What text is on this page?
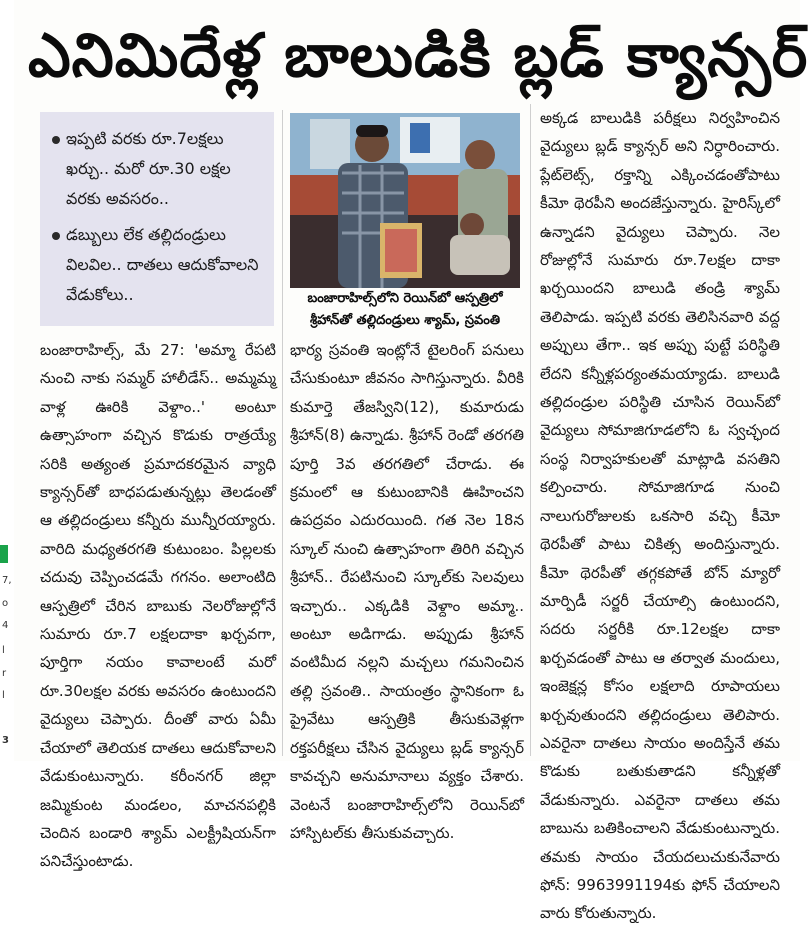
7,
o
4
l
r
l
3
ఎనిమిదేళ్ల బాలుడికి బ్లడ్ క్యాన్సర్
ఇప్పటి వరకు రూ.7లక్షలు ఖర్చు.. మరో రూ.30 లక్షల వరకు అవసరం..
డబ్బులు లేక తల్లిదండ్రులు విలవిల.. దాతలు ఆదుకోవాలని వేడుకోలు..	బంజారాహిల్స్‌లోని రెయిన్‌బో ఆస్పత్రిలో శ్రీహాన్‌తో తల్లిదండ్రులు శ్యామ్, స్రవంతి

బంజారాహిల్స్, మే 27: 'అమ్మా రేపటి నుంచి నాకు సమ్మర్ హాలీడేస్.. అమ్మమ్మ వాళ్ల ఊరికి వెళ్దాం..' అంటూ ఉత్సాహంగా వచ్చిన కొడుకు రాత్రయ్యే సరికి అత్యంత ప్రమాదకరమైన వ్యాధి క్యాన్సర్‌తో బాధపడుతున్నట్లు తెలడంతో ఆ తల్లిదండ్రులు కన్నీరు మున్నీరయ్యారు. వారిది మధ్యతరగతి కుటుంబం. పిల్లలకు చదువు చెప్పించడమే గగనం. అలాంటిది ఆస్పత్రిలో చేరిన బాబుకు నెలరోజుల్లోనే సుమారు రూ.7 లక్షలదాకా ఖర్చవగా, పూర్తిగా నయం కావాలంటే మరో రూ.30లక్షల వరకు అవసరం ఉంటుందని వైద్యులు చెప్పారు. దీంతో వారు ఏమీ చేయాలో తెలియక దాతలు ఆదుకోవాలని వేడుకుంటున్నారు. కరీంనగర్ జిల్లా జమ్మికుంట మండలం, మాచనపల్లికి చెందిన బండారి శ్యామ్ ఎలక్ట్రీషియన్‌గా పనిచేస్తుంటాడు.

భార్య స్రవంతి ఇంట్లోనే టైలరింగ్ పనులు చేసుకుంటూ జీవనం సాగిస్తున్నారు. వీరికి కుమార్తె తేజస్విని(12), కుమారుడు శ్రీహాన్(8) ఉన్నాడు. శ్రీహాన్ రెండో తరగతి పూర్తి 3వ తరగతిలో చేరాడు. ఈ క్రమంలో ఆ కుటుంబానికి ఊహించని ఉపద్రవం ఎదురయింది. గత నెల 18న స్కూల్ నుంచి ఉత్సాహంగా తిరిగి వచ్చిన శ్రీహాన్.. రేపటినుంచి స్కూల్‌కు సెలవులు ఇచ్చారు.. ఎక్కడికి వెళ్దాం అమ్మా.. అంటూ అడిగాడు. అప్పుడు శ్రీహాన్ వంటిమీద నల్లని మచ్చలు గమనించిన తల్లి స్రవంతి.. సాయంత్రం స్థానికంగా ఓ ప్రైవేటు ఆస్పత్రికి తీసుకువెళ్లగా రక్తపరీక్షలు చేసిన వైద్యులు బ్లడ్ క్యాన్సర్ కావచ్చని అనుమానాలు వ్యక్తం చేశారు. వెంటనే బంజారాహిల్స్‌లోని రెయిన్‌బో హాస్పిటల్‌కు తీసుకువచ్చారు.

అక్కడ బాలుడికి పరీక్షలు నిర్వహించిన వైద్యులు బ్లడ్ క్యాన్సర్ అని నిర్ధారించారు. ప్లేట్‌లెట్స్, రక్తాన్ని ఎక్కించడంతోపాటు కీమో థెరపీని అందజేస్తున్నారు. హైరిస్క్‌లో ఉన్నాడని వైద్యులు చెప్పారు. నెల రోజుల్లోనే సుమారు రూ.7లక్షల దాకా ఖర్చయిందని బాలుడి తండ్రి శ్యామ్ తెలిపాడు. ఇప్పటి వరకు తెలిసినవారి వద్ద అప్పులు తేగా.. ఇక అప్పు పుట్టే పరిస్థితి లేదని కన్నీళ్లపర్యంతమయ్యాడు. బాలుడి తల్లిదండ్రుల పరిస్థితి చూసిన రెయిన్‌బో వైద్యులు సోమాజిగూడలోని ఓ స్వచ్ఛంద సంస్థ నిర్వాహకులతో మాట్లాడి వసతిని కల్పించారు. సోమాజిగూడ నుంచి నాలుగురోజులకు ఒకసారి వచ్చి కీమో థెరపీతో పాటు చికిత్స అందిస్తున్నారు. కీమో థెరపీతో తగ్గకపోతే బోన్ మ్యారో మార్పిడీ సర్జరీ చేయాల్సి ఉంటుందని, సదరు సర్జరీకి రూ.12లక్షల దాకా ఖర్చవడంతో పాటు ఆ తర్వాత మందులు, ఇంజెక్షన్ల కోసం లక్షలాది రూపాయలు ఖర్చవుతుందని తల్లిదండ్రులు తెలిపారు. ఎవరైనా దాతలు సాయం అందిస్తేనే తమ కొడుకు బతుకుతాడని కన్నీళ్లతో వేడుకున్నారు. ఎవరైనా దాతలు తమ బాబును బతికించాలని వేడుకుంటున్నారు. తమకు సాయం చేయదలుచుకునేవారు ఫోన్: 9963991194కు ఫోన్ చేయాలని వారు కోరుతున్నారు.
